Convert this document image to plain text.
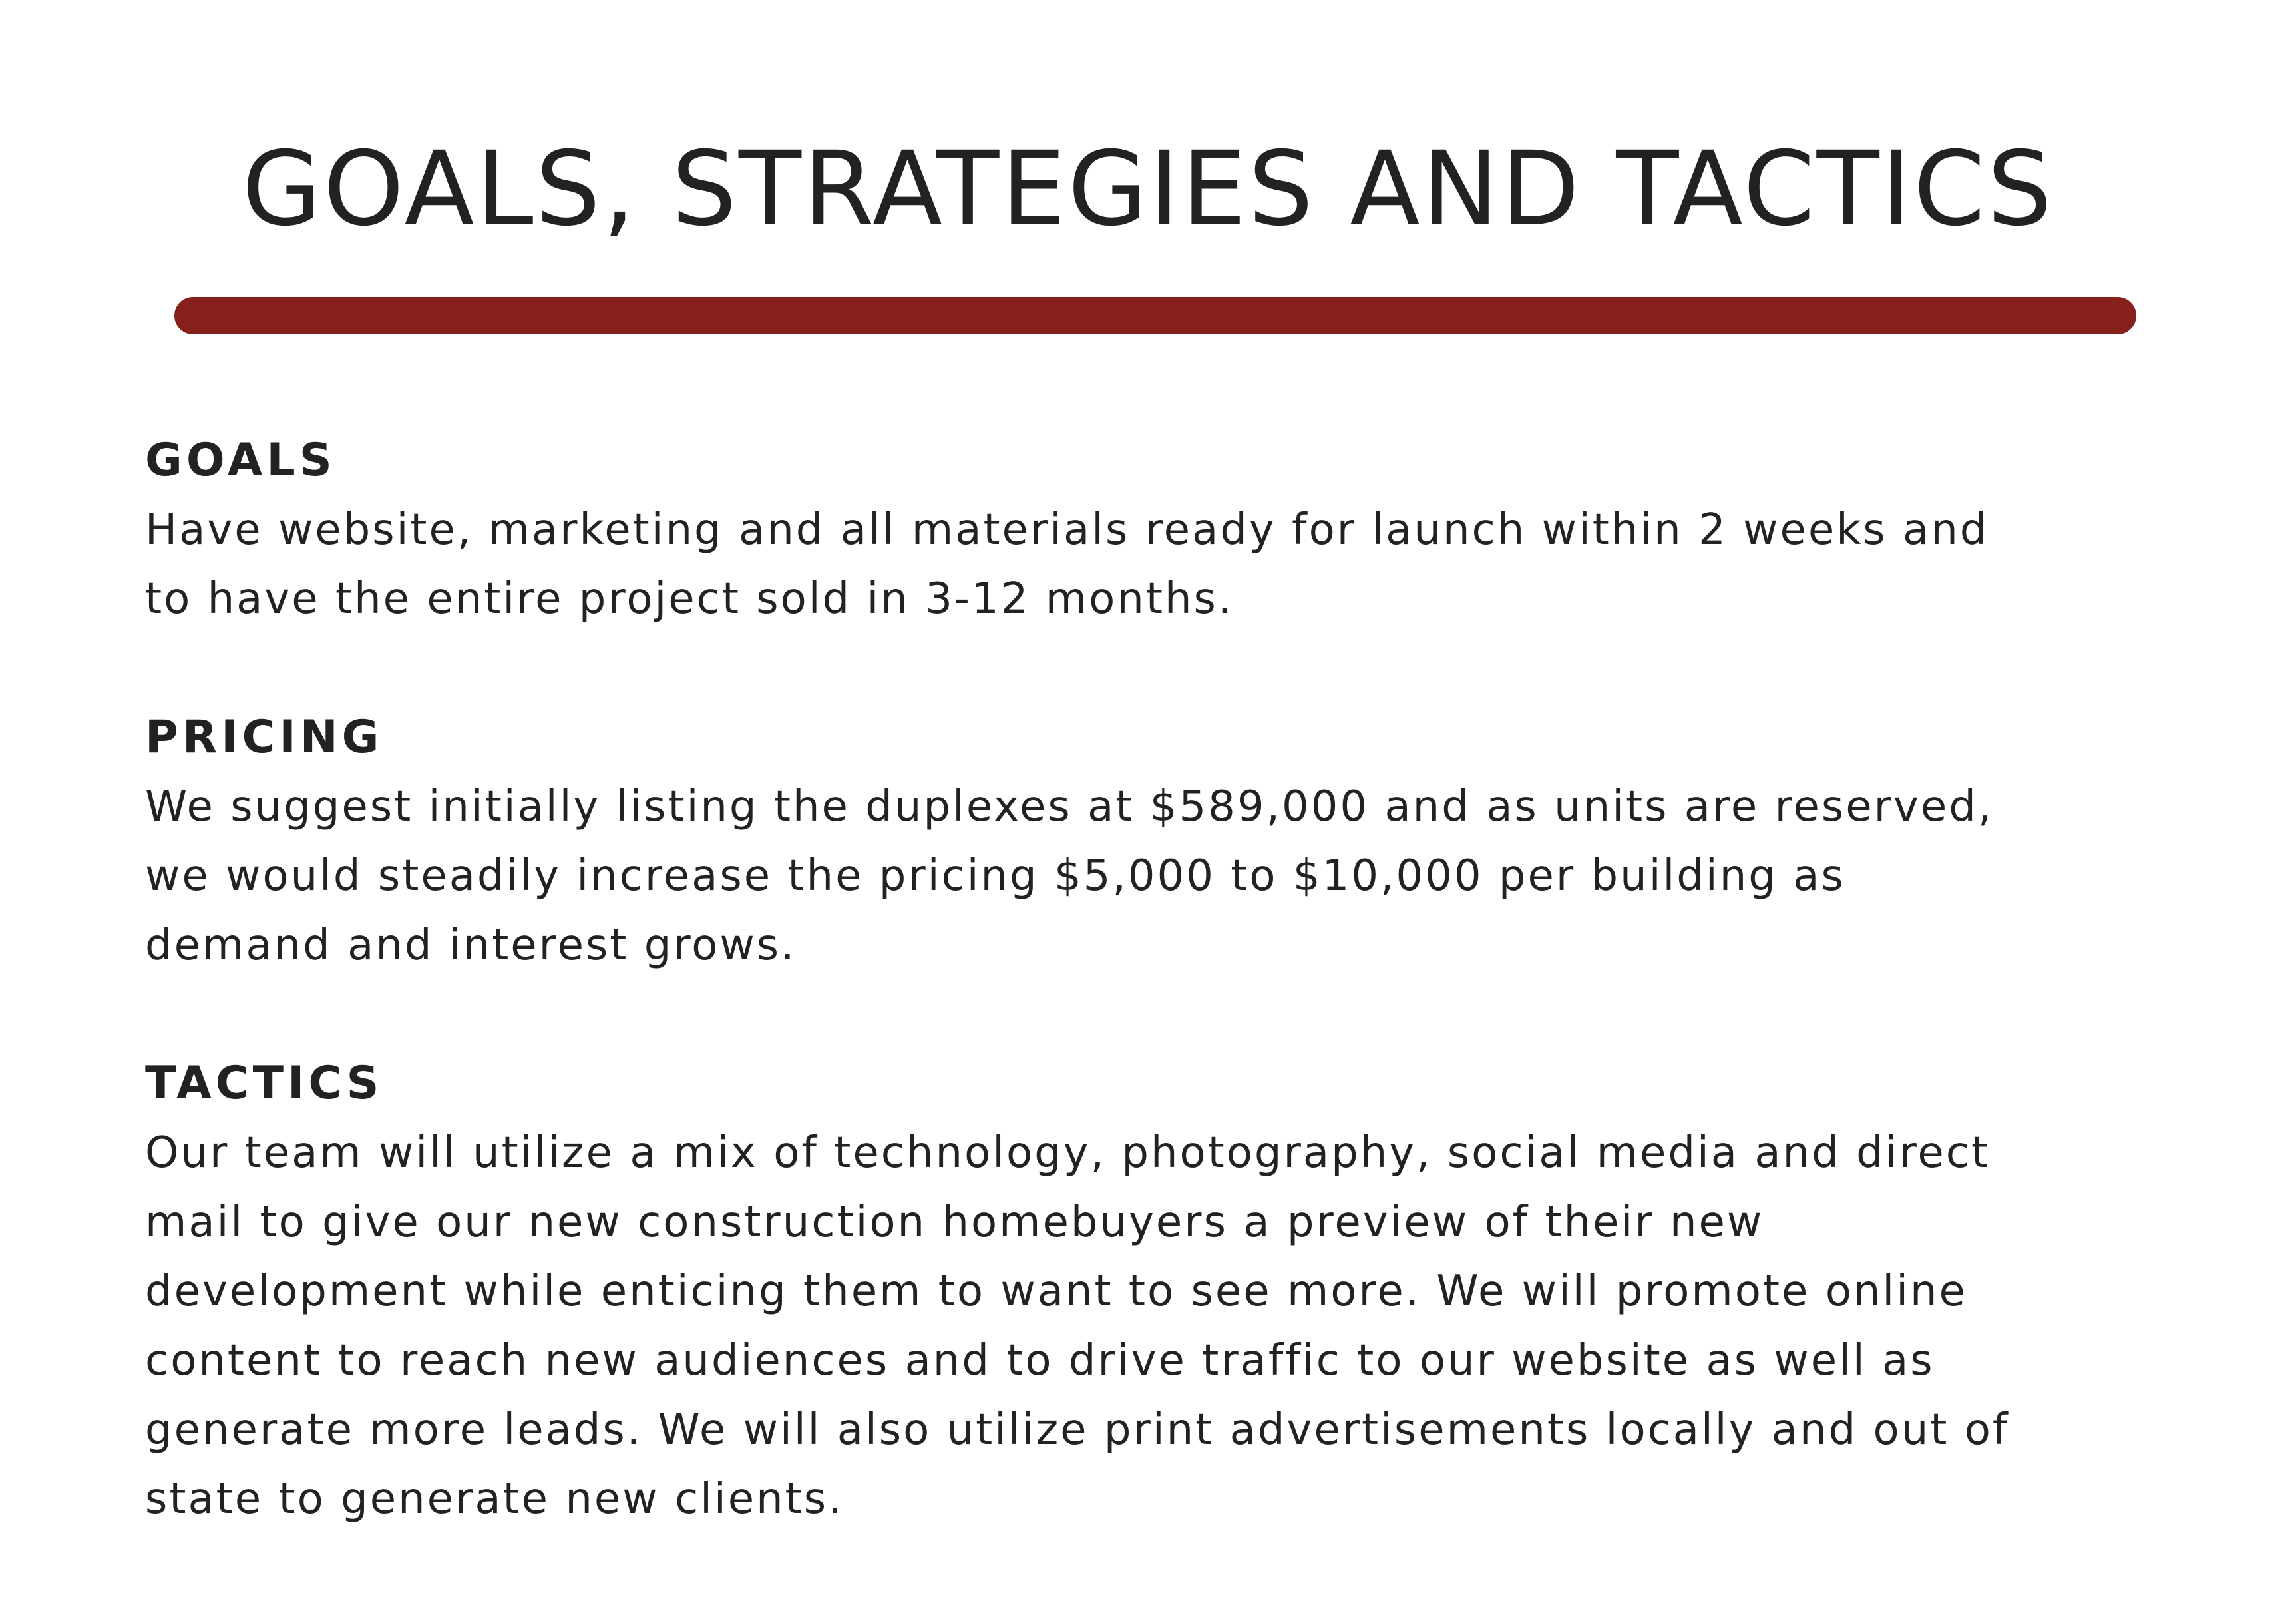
GOALS, STRATEGIES AND TACTICS
GOALS
Have website, marketing and all materials ready for launch within 2 weeks and
to have the entire project sold in 3-12 months.
PRICING
We suggest initially listing the duplexes at $589,000 and as units are reserved,
we would steadily increase the pricing $5,000 to $10,000 per building as
demand and interest grows.
TACTICS
Our team will utilize a mix of technology, photography, social media and direct
mail to give our new construction homebuyers a preview of their new
development while enticing them to want to see more. We will promote online
content to reach new audiences and to drive traffic to our website as well as
generate more leads. We will also utilize print advertisements locally and out of
state to generate new clients.
